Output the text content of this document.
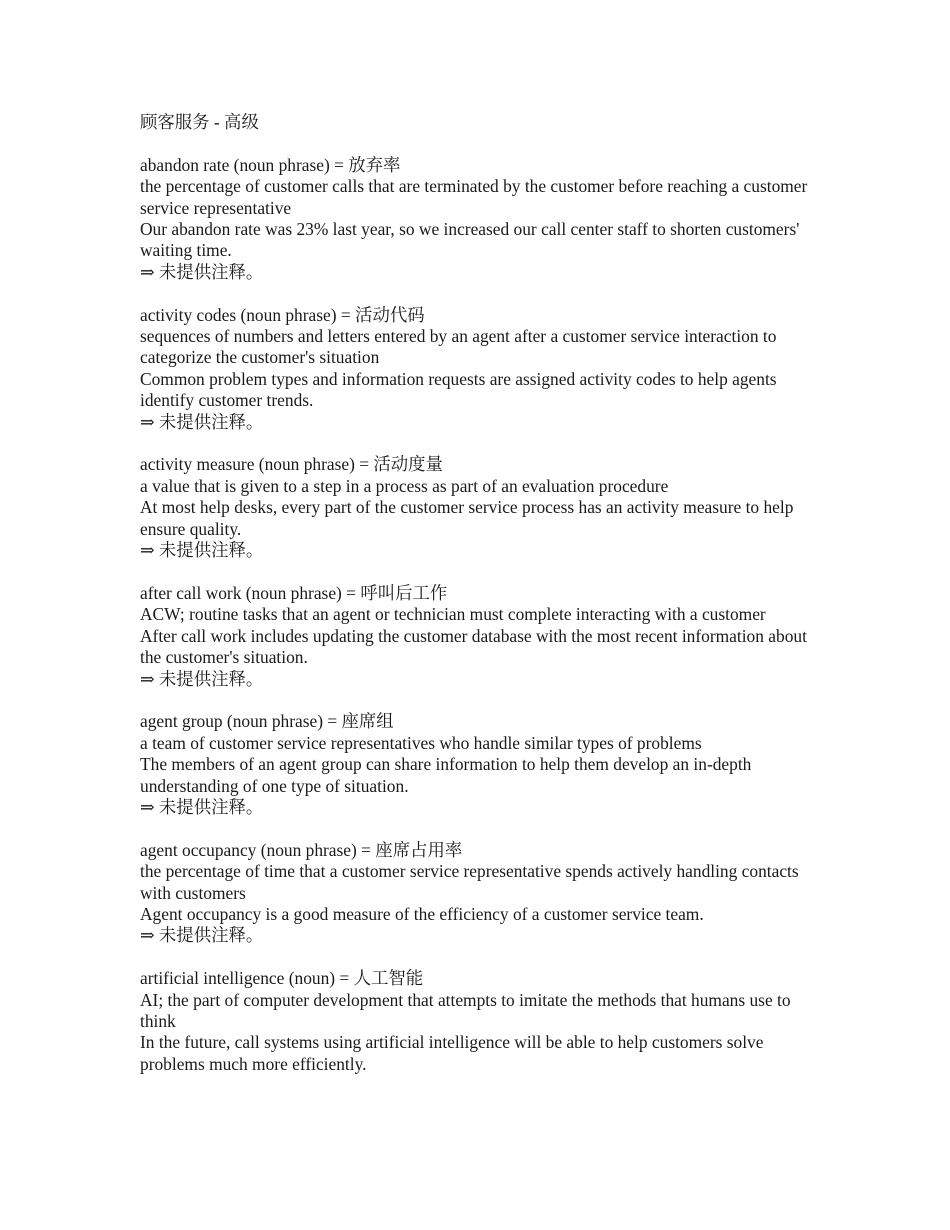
顾客服务 - 高级

abandon rate (noun phrase) = 放弃率

the percentage of customer calls that are terminated by the customer before reaching a customer service representative

Our abandon rate was 23% last year, so we increased our call center staff to shorten customers' waiting time.

⇒ 未提供注释。

activity codes (noun phrase) = 活动代码

sequences of numbers and letters entered by an agent after a customer service interaction to categorize the customer's situation

Common problem types and information requests are assigned activity codes to help agents identify customer trends.

⇒ 未提供注释。

activity measure (noun phrase) = 活动度量

a value that is given to a step in a process as part of an evaluation procedure

At most help desks, every part of the customer service process has an activity measure to help ensure quality.

⇒ 未提供注释。

after call work (noun phrase) = 呼叫后工作

ACW; routine tasks that an agent or technician must complete interacting with a customer

After call work includes updating the customer database with the most recent information about the customer's situation.

⇒ 未提供注释。

agent group (noun phrase) = 座席组

a team of customer service representatives who handle similar types of problems

The members of an agent group can share information to help them develop an in-depth understanding of one type of situation.

⇒ 未提供注释。

agent occupancy (noun phrase) = 座席占用率

the percentage of time that a customer service representative spends actively handling contacts with customers

Agent occupancy is a good measure of the efficiency of a customer service team.

⇒ 未提供注释。

artificial intelligence (noun) = 人工智能

AI; the part of computer development that attempts to imitate the methods that humans use to think

In the future, call systems using artificial intelligence will be able to help customers solve problems much more efficiently.
